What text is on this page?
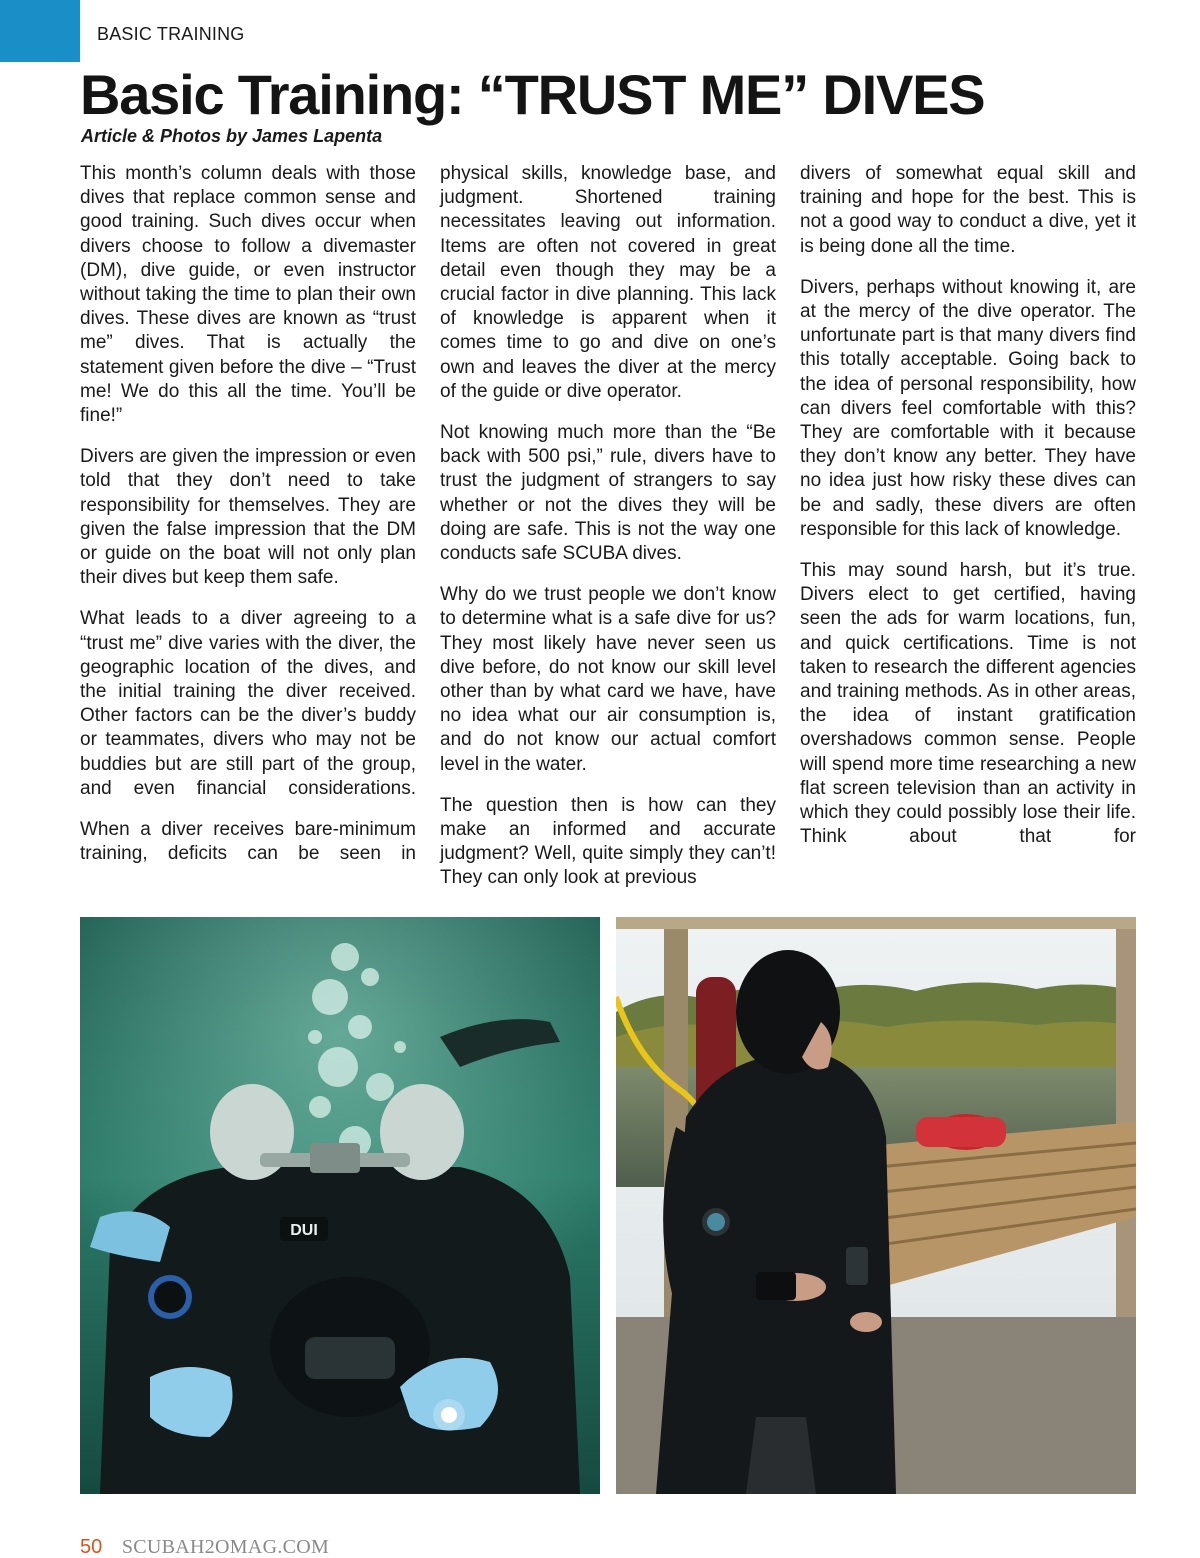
BASIC TRAINING
Basic Training: “TRUST ME” DIVES
Article & Photos by James Lapenta

This month’s column deals with those dives that replace common sense and good training. Such dives occur when divers choose to follow a divemaster (DM), dive guide, or even instructor without taking the time to plan their own dives. These dives are known as “trust me” dives. That is actually the statement given before the dive – “Trust me! We do this all the time. You’ll be fine!”

Divers are given the impression or even told that they don’t need to take responsibility for themselves. They are given the false impression that the DM or guide on the boat will not only plan their dives but keep them safe.

What leads to a diver agreeing to a “trust me” dive varies with the diver, the geographic location of the dives, and the initial training the diver received. Other factors can be the diver’s buddy or teammates, divers who may not be buddies but are still part of the group, and even financial considerations.

When a diver receives bare-minimum training, deficits can be seen in

physical skills, knowledge base, and judgment. Shortened training necessitates leaving out information. Items are often not covered in great detail even though they may be a crucial factor in dive planning. This lack of knowledge is apparent when it comes time to go and dive on one’s own and leaves the diver at the mercy of the guide or dive operator.

Not knowing much more than the “Be back with 500 psi,” rule, divers have to trust the judgment of strangers to say whether or not the dives they will be doing are safe. This is not the way one conducts safe SCUBA dives.

Why do we trust people we don’t know to determine what is a safe dive for us? They most likely have never seen us dive before, do not know our skill level other than by what card we have, have no idea what our air consumption is, and do not know our actual comfort level in the water.

The question then is how can they make an informed and accurate judgment? Well, quite simply they can’t! They can only look at previous

divers of somewhat equal skill and training and hope for the best. This is not a good way to conduct a dive, yet it is being done all the time.

Divers, perhaps without knowing it, are at the mercy of the dive operator. The unfortunate part is that many divers find this totally acceptable. Going back to the idea of personal responsibility, how can divers feel comfortable with this? They are comfortable with it because they don’t know any better. They have no idea just how risky these dives can be and sadly, these divers are often responsible for this lack of knowledge.

This may sound harsh, but it’s true. Divers elect to get certified, having seen the ads for warm locations, fun, and quick certifications. Time is not taken to research the different agencies and training methods. As in other areas, the idea of instant gratification overshadows common sense. People will spend more time researching a new flat screen television than an activity in which they could possibly lose their life. Think about that for

DUI
50 SCUBAH2OMAG.COM
